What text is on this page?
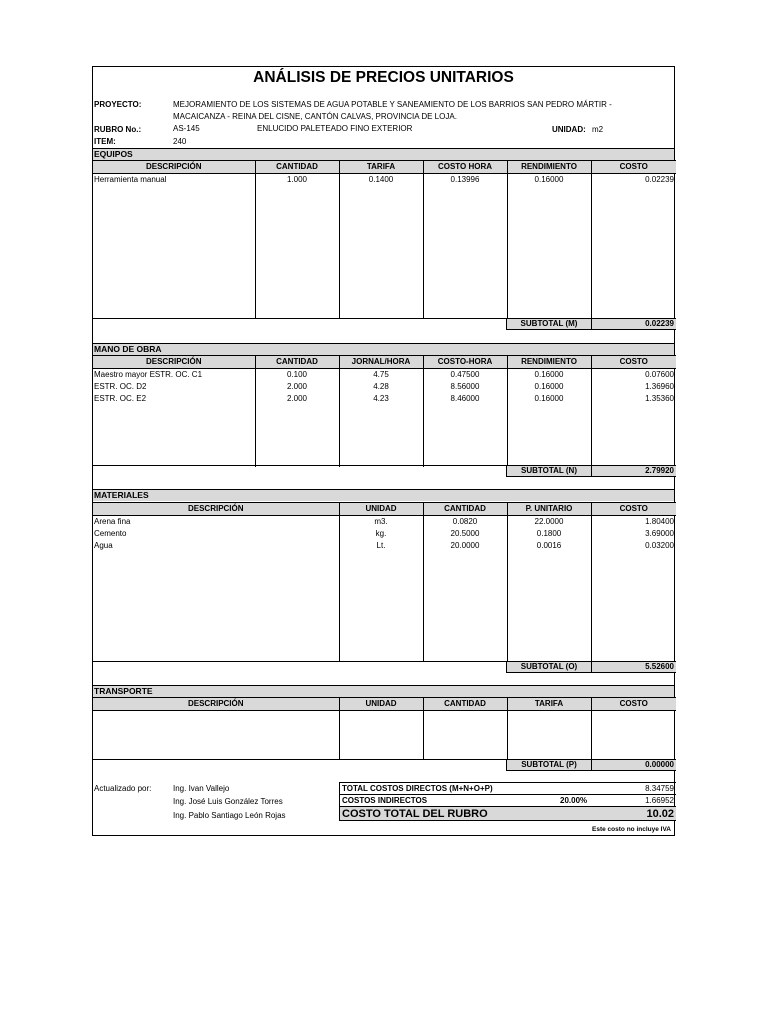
ANÁLISIS DE PRECIOS UNITARIOS
PROYECTO:	MEJORAMIENTO DE LOS SISTEMAS DE AGUA POTABLE Y SANEAMIENTO DE LOS BARRIOS SAN PEDRO MÁRTIR -
MACAICANZA - REINA DEL CISNE, CANTÓN CALVAS, PROVINCIA DE LOJA.
RUBRO No.:	AS-145	ENLUCIDO PALETEADO FINO EXTERIOR	UNIDAD: m2
ITEM:	240
EQUIPOS
DESCRIPCIÓN	CANTIDAD	TARIFA	COSTO HORA	RENDIMIENTO	COSTO
Herramienta manual	1.000	0.1400	0.13996	0.16000	0.02239
SUBTOTAL (M)	0.02239
MANO DE OBRA
DESCRIPCIÓN	CANTIDAD	JORNAL/HORA	COSTO-HORA	RENDIMIENTO	COSTO
Maestro mayor ESTR. OC. C1	0.100	4.75	0.47500	0.16000	0.07600
ESTR. OC. D2	2.000	4.28	8.56000	0.16000	1.36960
ESTR. OC. E2	2.000	4.23	8.46000	0.16000	1.35360
SUBTOTAL (N)	2.79920
MATERIALES
DESCRIPCIÓN	UNIDAD	CANTIDAD	P. UNITARIO	COSTO
Arena fina	m3.	0.0820	22.0000	1.80400
Cemento	kg.	20.5000	0.1800	3.69000
Agua	Lt.	20.0000	0.0016	0.03200
SUBTOTAL (O)	5.52600
TRANSPORTE
DESCRIPCIÓN	UNIDAD	CANTIDAD	TARIFA	COSTO

SUBTOTAL (P)	0.00000
Actualizado por:	Ing. Ivan Vallejo
Ing. José Luis González Torres
Ing. Pablo Santiago León Rojas
TOTAL COSTOS DIRECTOS (M+N+O+P)	8.34759
COSTOS INDIRECTOS	20.00%	1.66952
COSTO TOTAL DEL RUBRO	10.02
Este costo no incluye IVA
